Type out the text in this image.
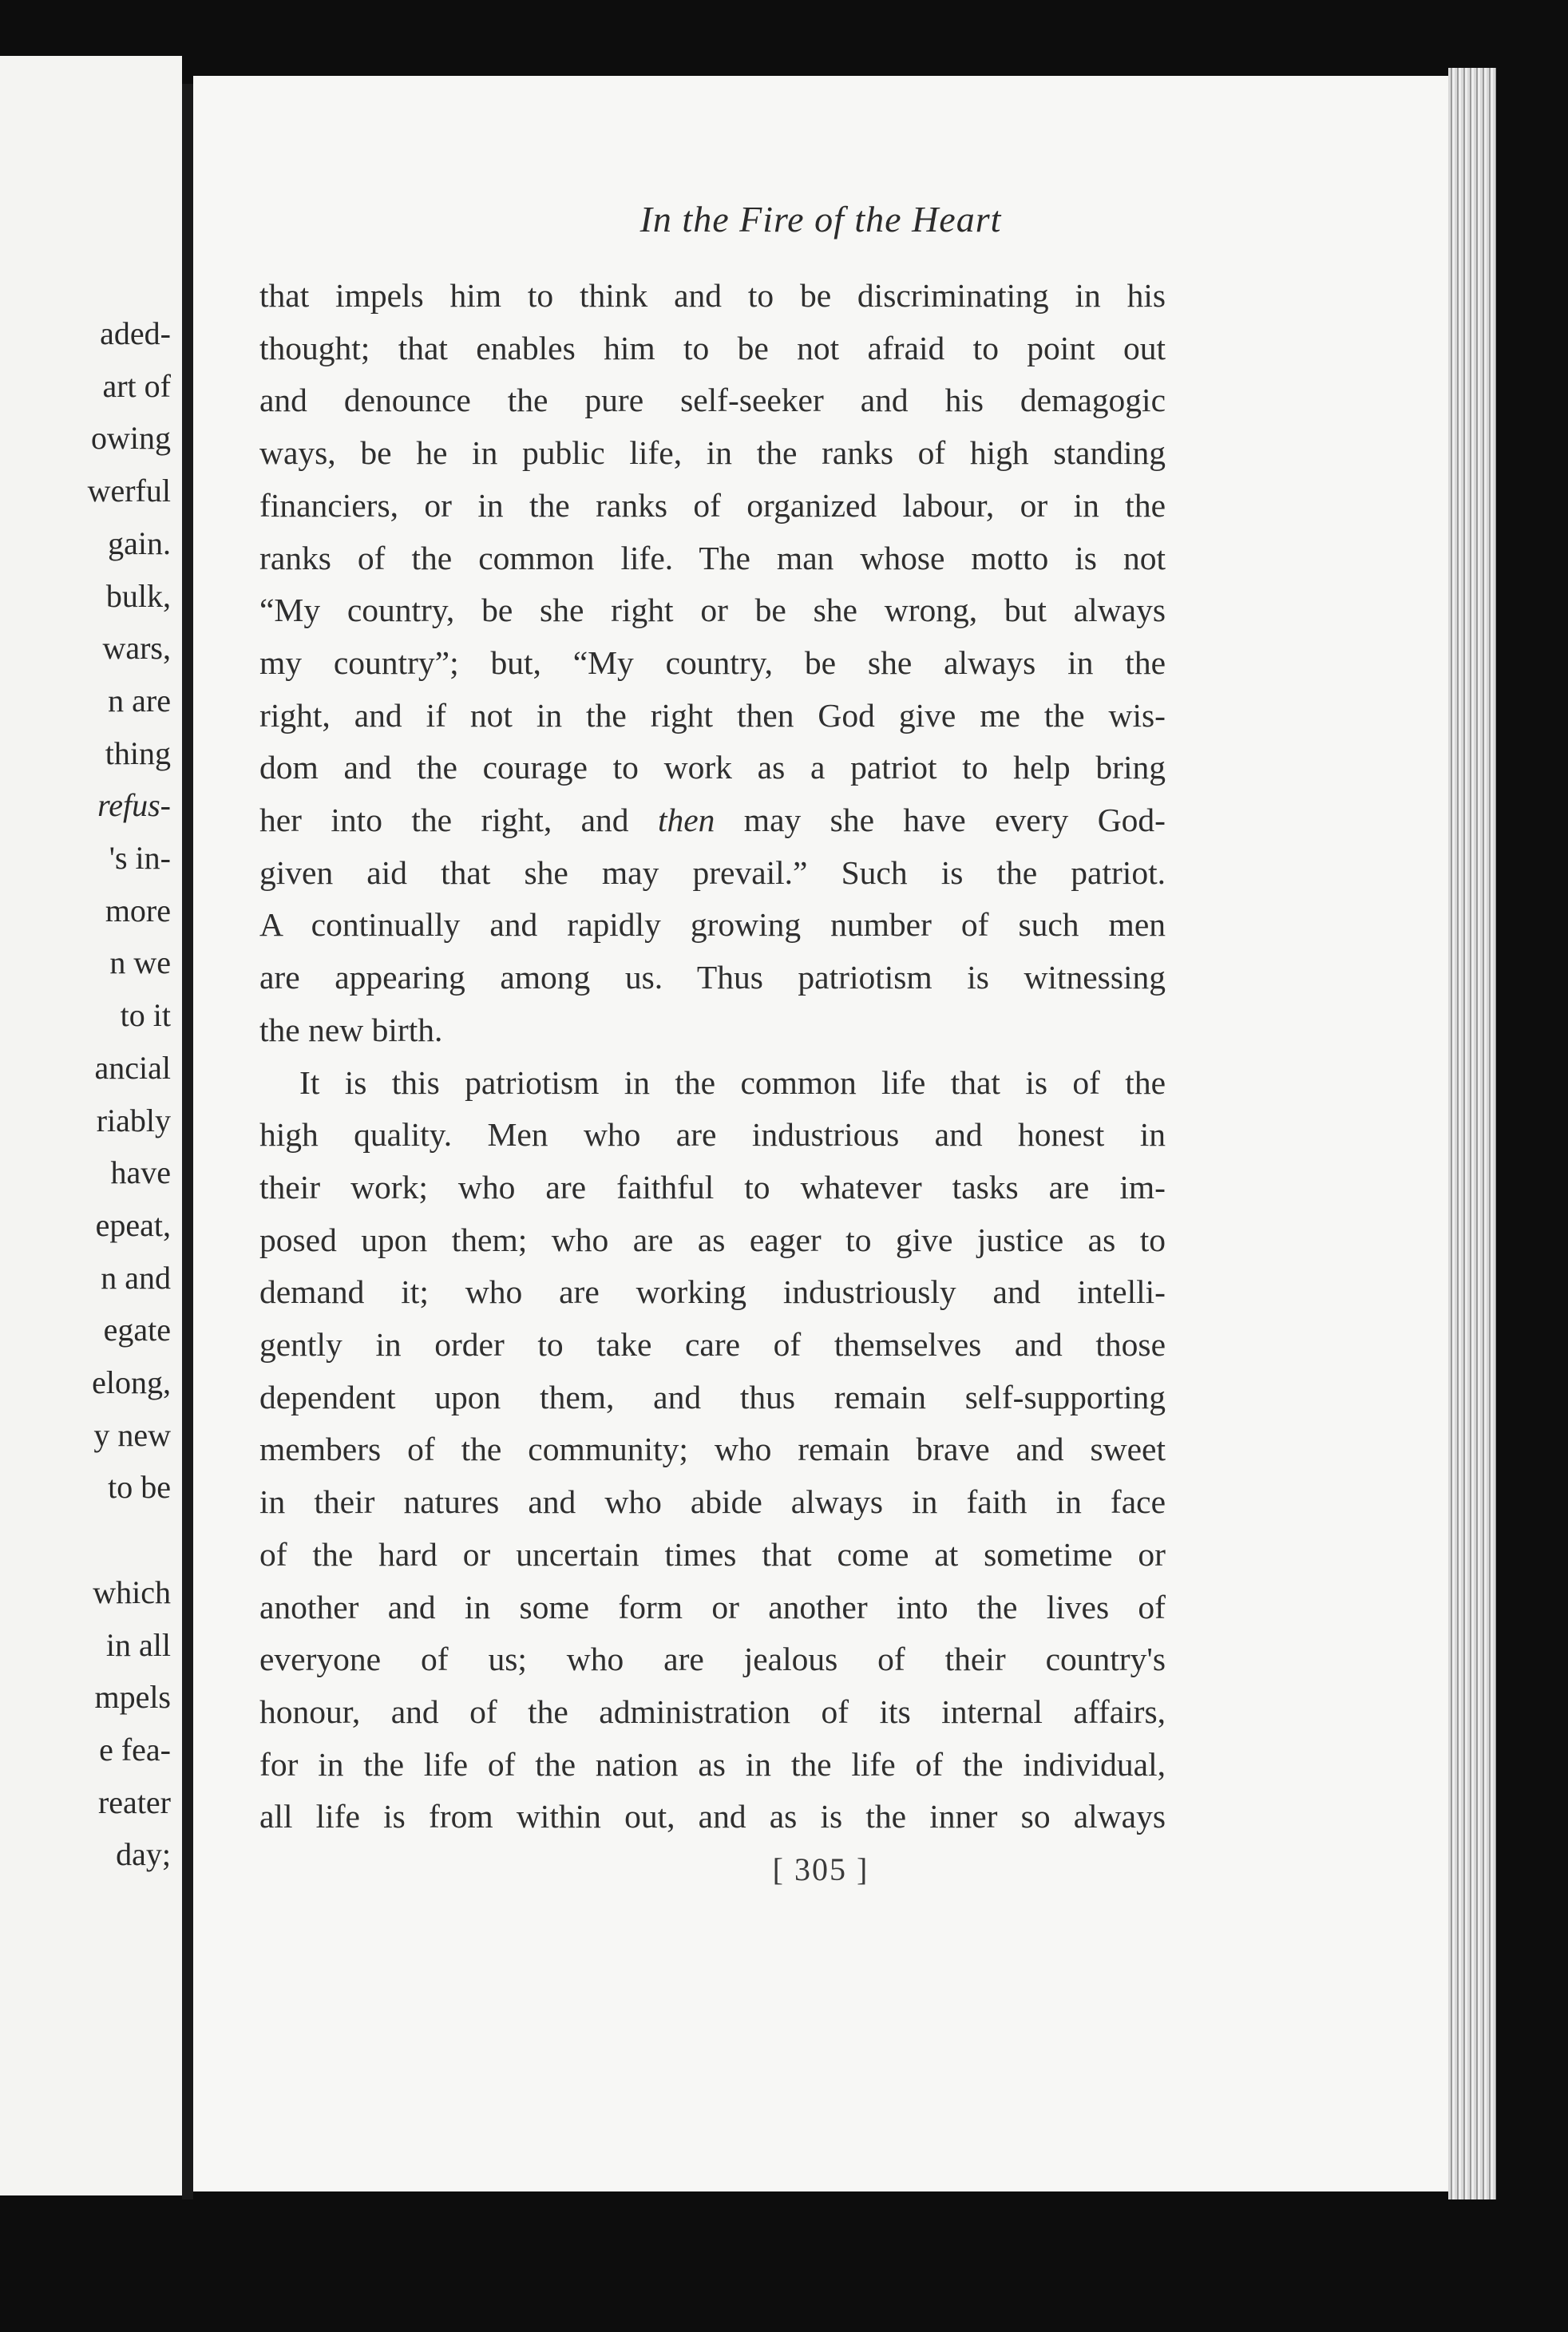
aded-
art of
owing
werful
gain.
bulk,
wars,
n are
thing
refus-
's in-
more
n we
to it
ancial
riably
have
epeat,
n and
egate
elong,
y new
to be
which
in all
mpels
e fea-
reater
day;
In the Fire of the Heart
that impels him to think and to be discriminating in his
thought; that enables him to be not afraid to point out
and denounce the pure self-seeker and his demagogic
ways, be he in public life, in the ranks of high standing
financiers, or in the ranks of organized labour, or in the
ranks of the common life. The man whose motto is not
“My country, be she right or be she wrong, but always
my country”; but, “My country, be she always in the
right, and if not in the right then God give me the wis-
dom and the courage to work as a patriot to help bring
her into the right, and then may she have every God-
given aid that she may prevail.” Such is the patriot.
A continually and rapidly growing number of such men
are appearing among us. Thus patriotism is witnessing
the new birth.
It is this patriotism in the common life that is of the
high quality. Men who are industrious and honest in
their work; who are faithful to whatever tasks are im-
posed upon them; who are as eager to give justice as to
demand it; who are working industriously and intelli-
gently in order to take care of themselves and those
dependent upon them, and thus remain self-supporting
members of the community; who remain brave and sweet
in their natures and who abide always in faith in face
of the hard or uncertain times that come at sometime or
another and in some form or another into the lives of
everyone of us; who are jealous of their country's
honour, and of the administration of its internal affairs,
for in the life of the nation as in the life of the individual,
all life is from within out, and as is the inner so always
[ 305 ]
